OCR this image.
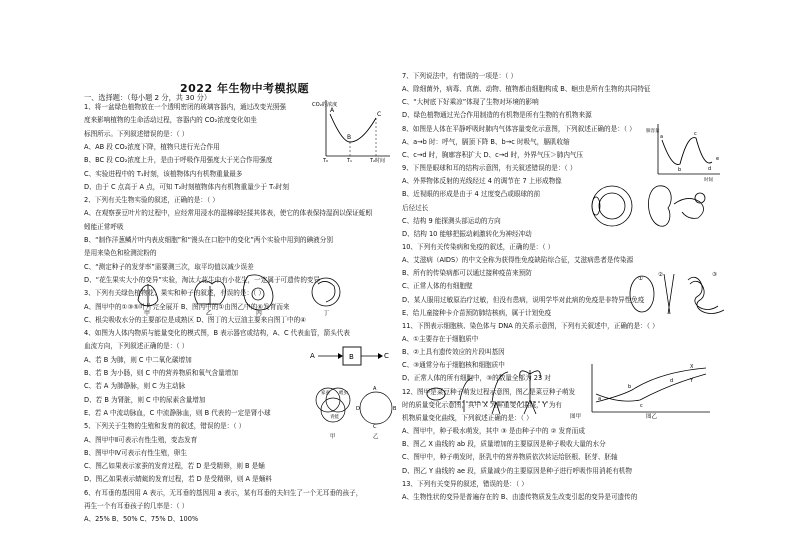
2022 年生物中考模拟题
一、选择题：（每小题 2 分，共 30 分）
1、将一盆绿色植物放在一个透明密闭的玻璃容器内，通过改变光照强
度来影响植物的生命活动过程，容器内的 CO₂浓度变化如坐
标图所示。下列叙述错误的是：（ ）
A、AB 段 CO₂浓度下降，植物只进行光合作用
B、BC 段 CO₂浓度上升，是由于呼吸作用强度大于光合作用强度
C、实验进程中的 T₁时刻，该植物体内有机物重量最多
D、由于 C 点高于 A 点，可知 T₂时刻植物体内有机物重量少于 T₀时刻
2、下列有关生物实验的叙述，正确的是：（ ）
A、在观察蚕豆叶片的过程中，应经常用浸水的湿棉球轻揉其体表，使它的体表保持湿润以保证蚯蚓
蚓能正常呼吸
B、“制作洋葱鳞片叶内表皮细胞”和“馒头在口腔中的变化”两个实验中用到的碘液分别
是用来染色和检测淀粉的
C、“测定种子的发芽率”需要测三次，取平均值以减少误差
D、“花生果实大小的变异”实验，淘汰大花生中有小花生，一定属于可遗传的变异
3、下列有关绿色植物花、果实和种子的叙述，有误的是：（ ）
A、图甲中的①③⑤叶片完全展开 B、图丙中的①由图乙中的⑥发育而来
C、根尖吸收水分的主要部位是成熟区 D、图丁的大豆油主要来自图丁中的④
4、如图为人体内物质与能量变化的模式图，B 表示器官或结构，A、C 代表血管，箭头代表
血流方向，下列叙述正确的是：（ ）
A、若 B 为肺，则 C 中二氧化碳增加
B、若 B 为小肠，则 C 中的营养物质和氧气含量增加
C、若 A 为肺静脉，则 C 为主动脉
D、若 B 为肾脏，则 C 中的尿素含量增加
E、若 A 中流动脉血，C 中流静脉血，则 B 代表的一定是肾小球
5、下列关于生物的生殖和发育的叙述，错误的是：（ ）
A、图甲中Ⅱ可表示有性生殖，变态发育
B、图甲中Ⅳ可表示有性生殖，卵生
C、图乙如果表示家蚕的发育过程，若 D 是受精卵，则 B 是蛹
D、图乙如果表示蜻蜓的发育过程，若 D 是受精卵，则 A 是蛹料
6、有耳垂的基因用 A 表示，无耳垂的基因用 a 表示，某有耳垂的夫妇生了一个无耳垂的孩子，
再生一个有耳垂孩子的几率是：（ ）
A、25% B、50% C、75% D、100%
7、下列说法中，有错误的一项是：（ ）
A、除细菌外，病毒、真菌、动物、植物都由细胞构成 B、蛔虫是所有生物的共同特征
C、“大树底下好乘凉”体现了生物对环境的影响
D、绿色植物通过光合作用制造的有机物是所有生物的有机物来源
8、如图是人体在平静呼吸时肺内气体容量变化示意图，下列叙述正确的是：（ ）
A、a→b 时：呼气，膈顶下降 B、b→c 时吸气，膈肌收缩
C、c→d 时，胸廓容积扩大 D、c→d 时，外界气压＞肺内气压
9、下图是眼球和耳的结构示意图，有关叙述错误的是：（ ）
A、外界物体反射的光线经过 4 的调节在 7 上形成物像
B、近视眼的形成是由于 4 过度变凸或眼球的前
后径过长
C、结构 9 能探测头部运动的方向
D、结构 10 能够把振动刺激转化为神经冲动
10、下列有关传染病和免疫的叙述，正确的是：（ ）
A、艾滋病（AIDS）的中文全称为获得性免疫缺陷综合征，艾滋病患者是传染源
B、所有的传染病都可以通过接种疫苗来预防
C、正常人体的有细胞壁
D、某人服用过敏原治疗过敏，但没有患病，说明学毕对此病的免疫是非特异性免疫
E、给儿童接种卡介苗预防肺结核病，属于计划免疫
11、下图表示细胞核、染色体与 DNA 的关系示意图，下列有关叙述中，正确的是：（ ）
A、①主要存在于细胞质中
B、②上具有遗传效应的片段叫基因
C、③通常分布于细胞核和细胞质中
D、正常人体的所有细胞中，③的数量全部为 23 对
12、图甲是菜豆种子萌发过程示意图，图乙是菜豆种子萌发
时的质量变化示意图，其中 X 为鲜重变化曲线，Y 为有
机物质量变化曲线，下列叙述正确的是：（ ）
A、图甲中，种子吸水萌发，其中 ③ 是由种子中的 ② 发育而成
B、图乙 X 曲线的 ab 段，质量增加的主要原因是种子吸收大量的水分
C、图甲中，种子萌发时，胚乳中的营养物质依次转运给胚根、胚芽、胚轴
D、图乙 Y 曲线的 ae 段，质量减少的主要原因是种子进行呼吸作用消耗有机物
13、下列有关变异的叙述，错误的是：（ ）
A、生物性状的变异是普遍存在的 B、由遗传物质发生改变引起的变异是可遗传的
CO₂的浓度
A
B
C
T₀	T₁	T₂时间
甲	乙	丙	丁
A	B	C
家蚕 蝗虫
青蛙
A
B
C
D
甲	乙
肺容量
时间
a
b
c
d
e
①
②	③
图甲	图乙
X
Y
a
b
c
d
